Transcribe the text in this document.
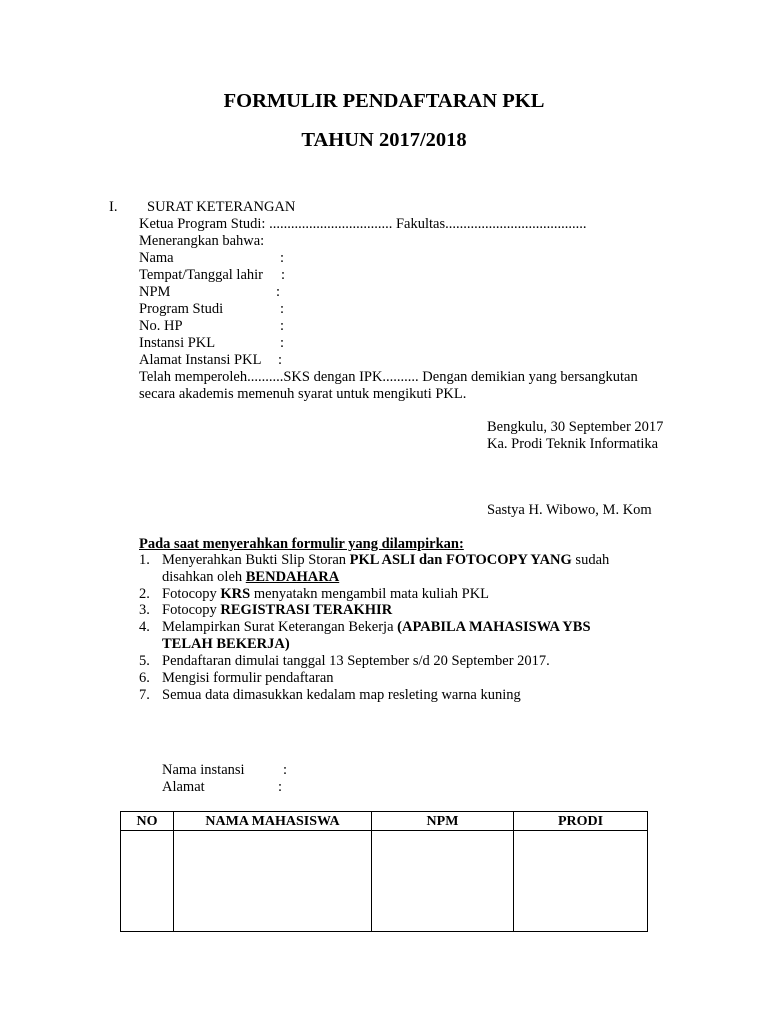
FORMULIR PENDAFTARAN PKL
TAHUN 2017/2018
I. SURAT KETERANGAN
Ketua Program Studi: .................................. Fakultas.......................................
Menerangkan bahwa:
Nama	:
Tempat/Tanggal lahir :
NPM	:
Program Studi	:
No. HP	:
Instansi PKL	:
Alamat Instansi PKL :
Telah memperoleh..........SKS dengan IPK.......... Dengan demikian yang bersangkutan
secara akademis memenuh syarat untuk mengikuti PKL.
Bengkulu, 30 September 2017
Ka. Prodi Teknik Informatika
Sastya H. Wibowo, M. Kom
Pada saat menyerahkan formulir yang dilampirkan:
1. Menyerahkan Bukti Slip Storan PKL ASLI dan FOTOCOPY YANG sudah
disahkan oleh BENDAHARA
2. Fotocopy KRS menyatakn mengambil mata kuliah PKL
3. Fotocopy REGISTRASI TERAKHIR
4. Melampirkan Surat Keterangan Bekerja (APABILA MAHASISWA YBS
TELAH BEKERJA)
5. Pendaftaran dimulai tanggal 13 September s/d 20 September 2017.
6. Mengisi formulir pendaftaran
7. Semua data dimasukkan kedalam map resleting warna kuning
Nama instansi	:
Alamat	:
NO	NAMA MAHASISWA	NPM	PRODI
